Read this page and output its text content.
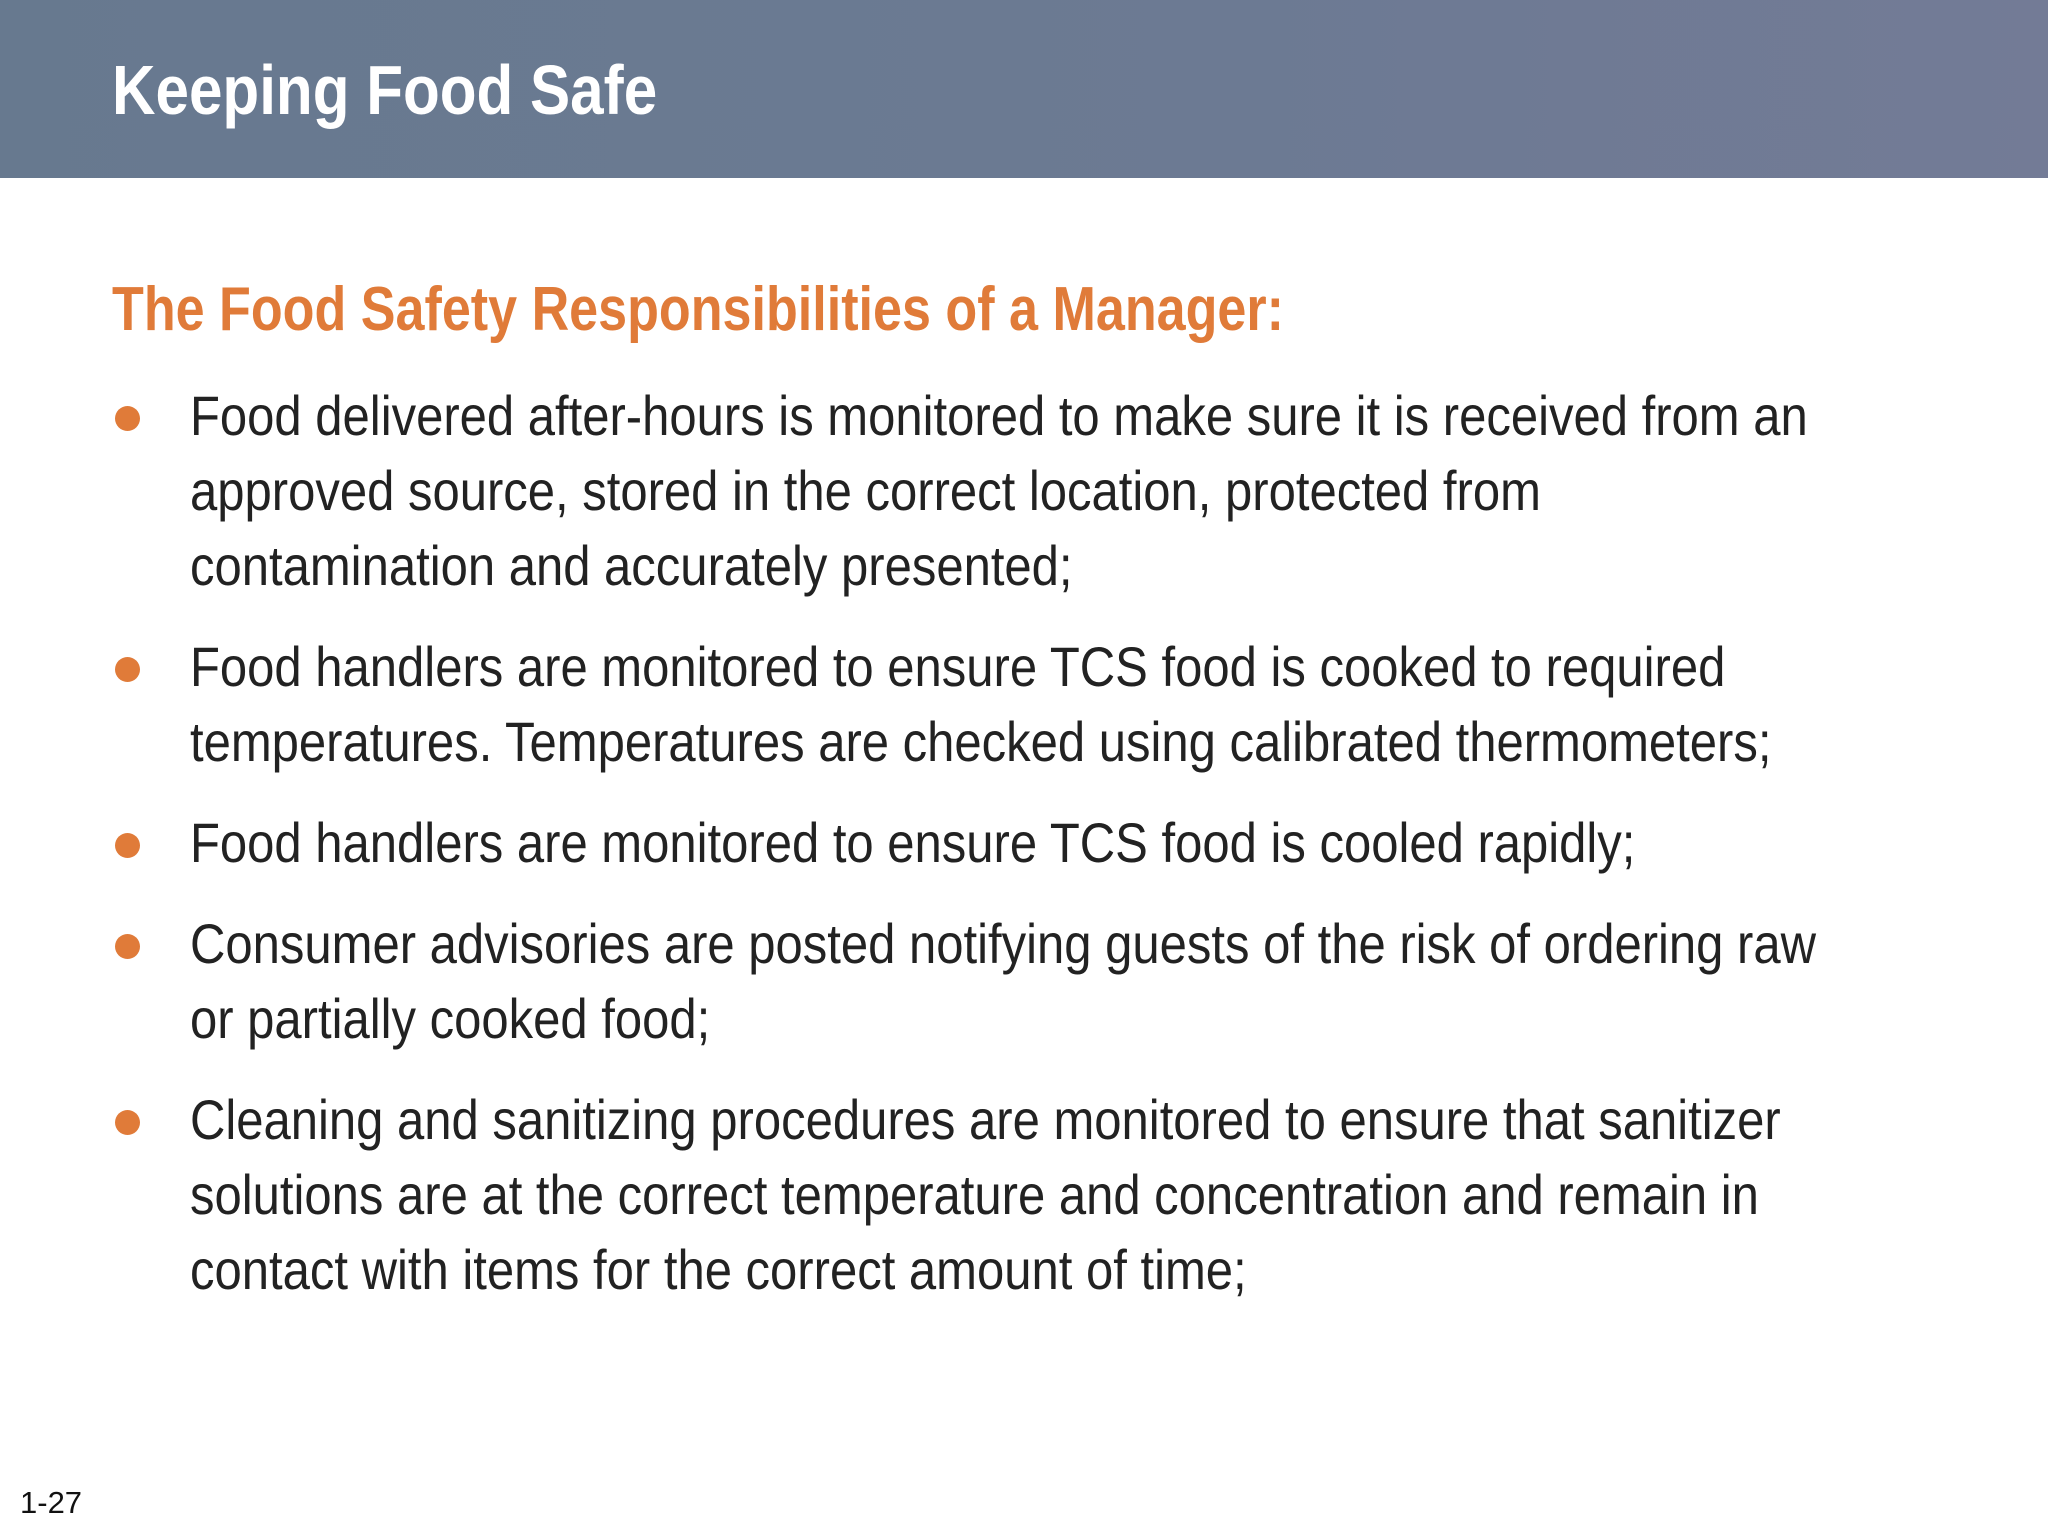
Keeping Food Safe
The Food Safety Responsibilities of a Manager:
Food delivered after-hours is monitored to make sure it is received from an
approved source, stored in the correct location, protected from
contamination and accurately presented;
Food handlers are monitored to ensure TCS food is cooked to required
temperatures. Temperatures are checked using calibrated thermometers;
Food handlers are monitored to ensure TCS food is cooled rapidly;
Consumer advisories are posted notifying guests of the risk of ordering raw
or partially cooked food;
Cleaning and sanitizing procedures are monitored to ensure that sanitizer
solutions are at the correct temperature and concentration and remain in
contact with items for the correct amount of time;
1-27
